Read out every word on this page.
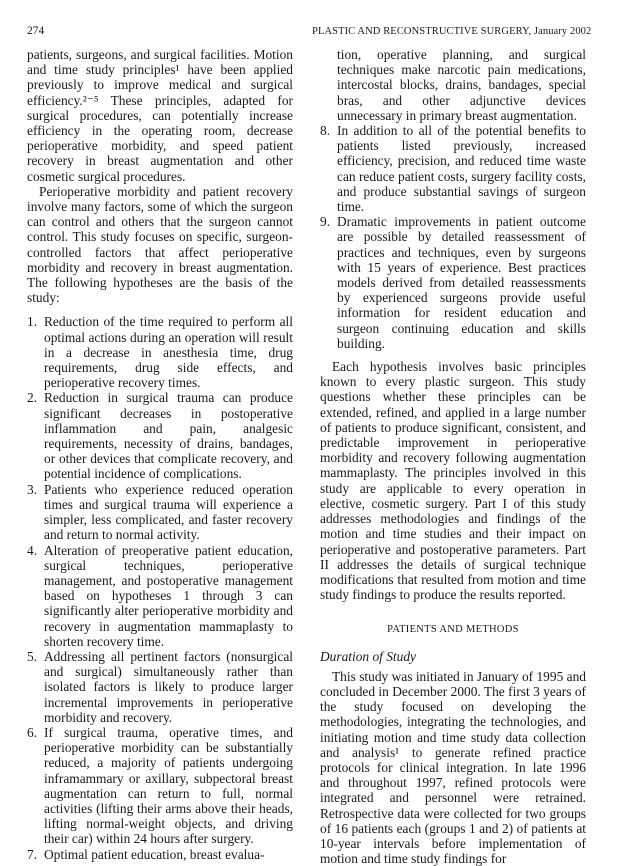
274	PLASTIC AND RECONSTRUCTIVE SURGERY, January 2002

patients, surgeons, and surgical facilities. Motion and time study principles¹ have been applied previously to improve medical and surgical efficiency.²⁻⁵ These principles, adapted for surgical procedures, can potentially increase efficiency in the operating room, decrease perioperative morbidity, and speed patient recovery in breast augmentation and other cosmetic surgical procedures.

Perioperative morbidity and patient recovery involve many factors, some of which the surgeon can control and others that the surgeon cannot control. This study focuses on specific, surgeon-controlled factors that affect perioperative morbidity and recovery in breast augmentation. The following hypotheses are the basis of the study:

1. Reduction of the time required to perform all optimal actions during an operation will result in a decrease in anesthesia time, drug requirements, drug side effects, and perioperative recovery times.
2. Reduction in surgical trauma can produce significant decreases in postoperative inflammation and pain, analgesic requirements, necessity of drains, bandages, or other devices that complicate recovery, and potential incidence of complications.
3. Patients who experience reduced operation times and surgical trauma will experience a simpler, less complicated, and faster recovery and return to normal activity.
4. Alteration of preoperative patient education, surgical techniques, perioperative management, and postoperative management based on hypotheses 1 through 3 can significantly alter perioperative morbidity and recovery in augmentation mammaplasty to shorten recovery time.
5. Addressing all pertinent factors (nonsurgical and surgical) simultaneously rather than isolated factors is likely to produce larger incremental improvements in perioperative morbidity and recovery.
6. If surgical trauma, operative times, and perioperative morbidity can be substantially reduced, a majority of patients undergoing inframammary or axillary, subpectoral breast augmentation can return to full, normal activities (lifting their arms above their heads, lifting normal-weight objects, and driving their car) within 24 hours after surgery.
7. Optimal patient education, breast evalua-
tion, operative planning, and surgical techniques make narcotic pain medications, intercostal blocks, drains, bandages, special bras, and other adjunctive devices unnecessary in primary breast augmentation.
8. In addition to all of the potential benefits to patients listed previously, increased efficiency, precision, and reduced time waste can reduce patient costs, surgery facility costs, and produce substantial savings of surgeon time.
9. Dramatic improvements in patient outcome are possible by detailed reassessment of practices and techniques, even by surgeons with 15 years of experience. Best practices models derived from detailed reassessments by experienced surgeons provide useful information for resident education and surgeon continuing education and skills building.

Each hypothesis involves basic principles known to every plastic surgeon. This study questions whether these principles can be extended, refined, and applied in a large number of patients to produce significant, consistent, and predictable improvement in perioperative morbidity and recovery following augmentation mammaplasty. The principles involved in this study are applicable to every operation in elective, cosmetic surgery. Part I of this study addresses methodologies and findings of the motion and time studies and their impact on perioperative and postoperative parameters. Part II addresses the details of surgical technique modifications that resulted from motion and time study findings to produce the results reported.

PATIENTS AND METHODS
Duration of Study

This study was initiated in January of 1995 and concluded in December 2000. The first 3 years of the study focused on developing the methodologies, integrating the technologies, and initiating motion and time study data collection and analysis¹ to generate refined practice protocols for clinical integration. In late 1996 and throughout 1997, refined protocols were integrated and personnel were retrained. Retrospective data were collected for two groups of 16 patients each (groups 1 and 2) of patients at 10-year intervals before implementation of motion and time study findings for
